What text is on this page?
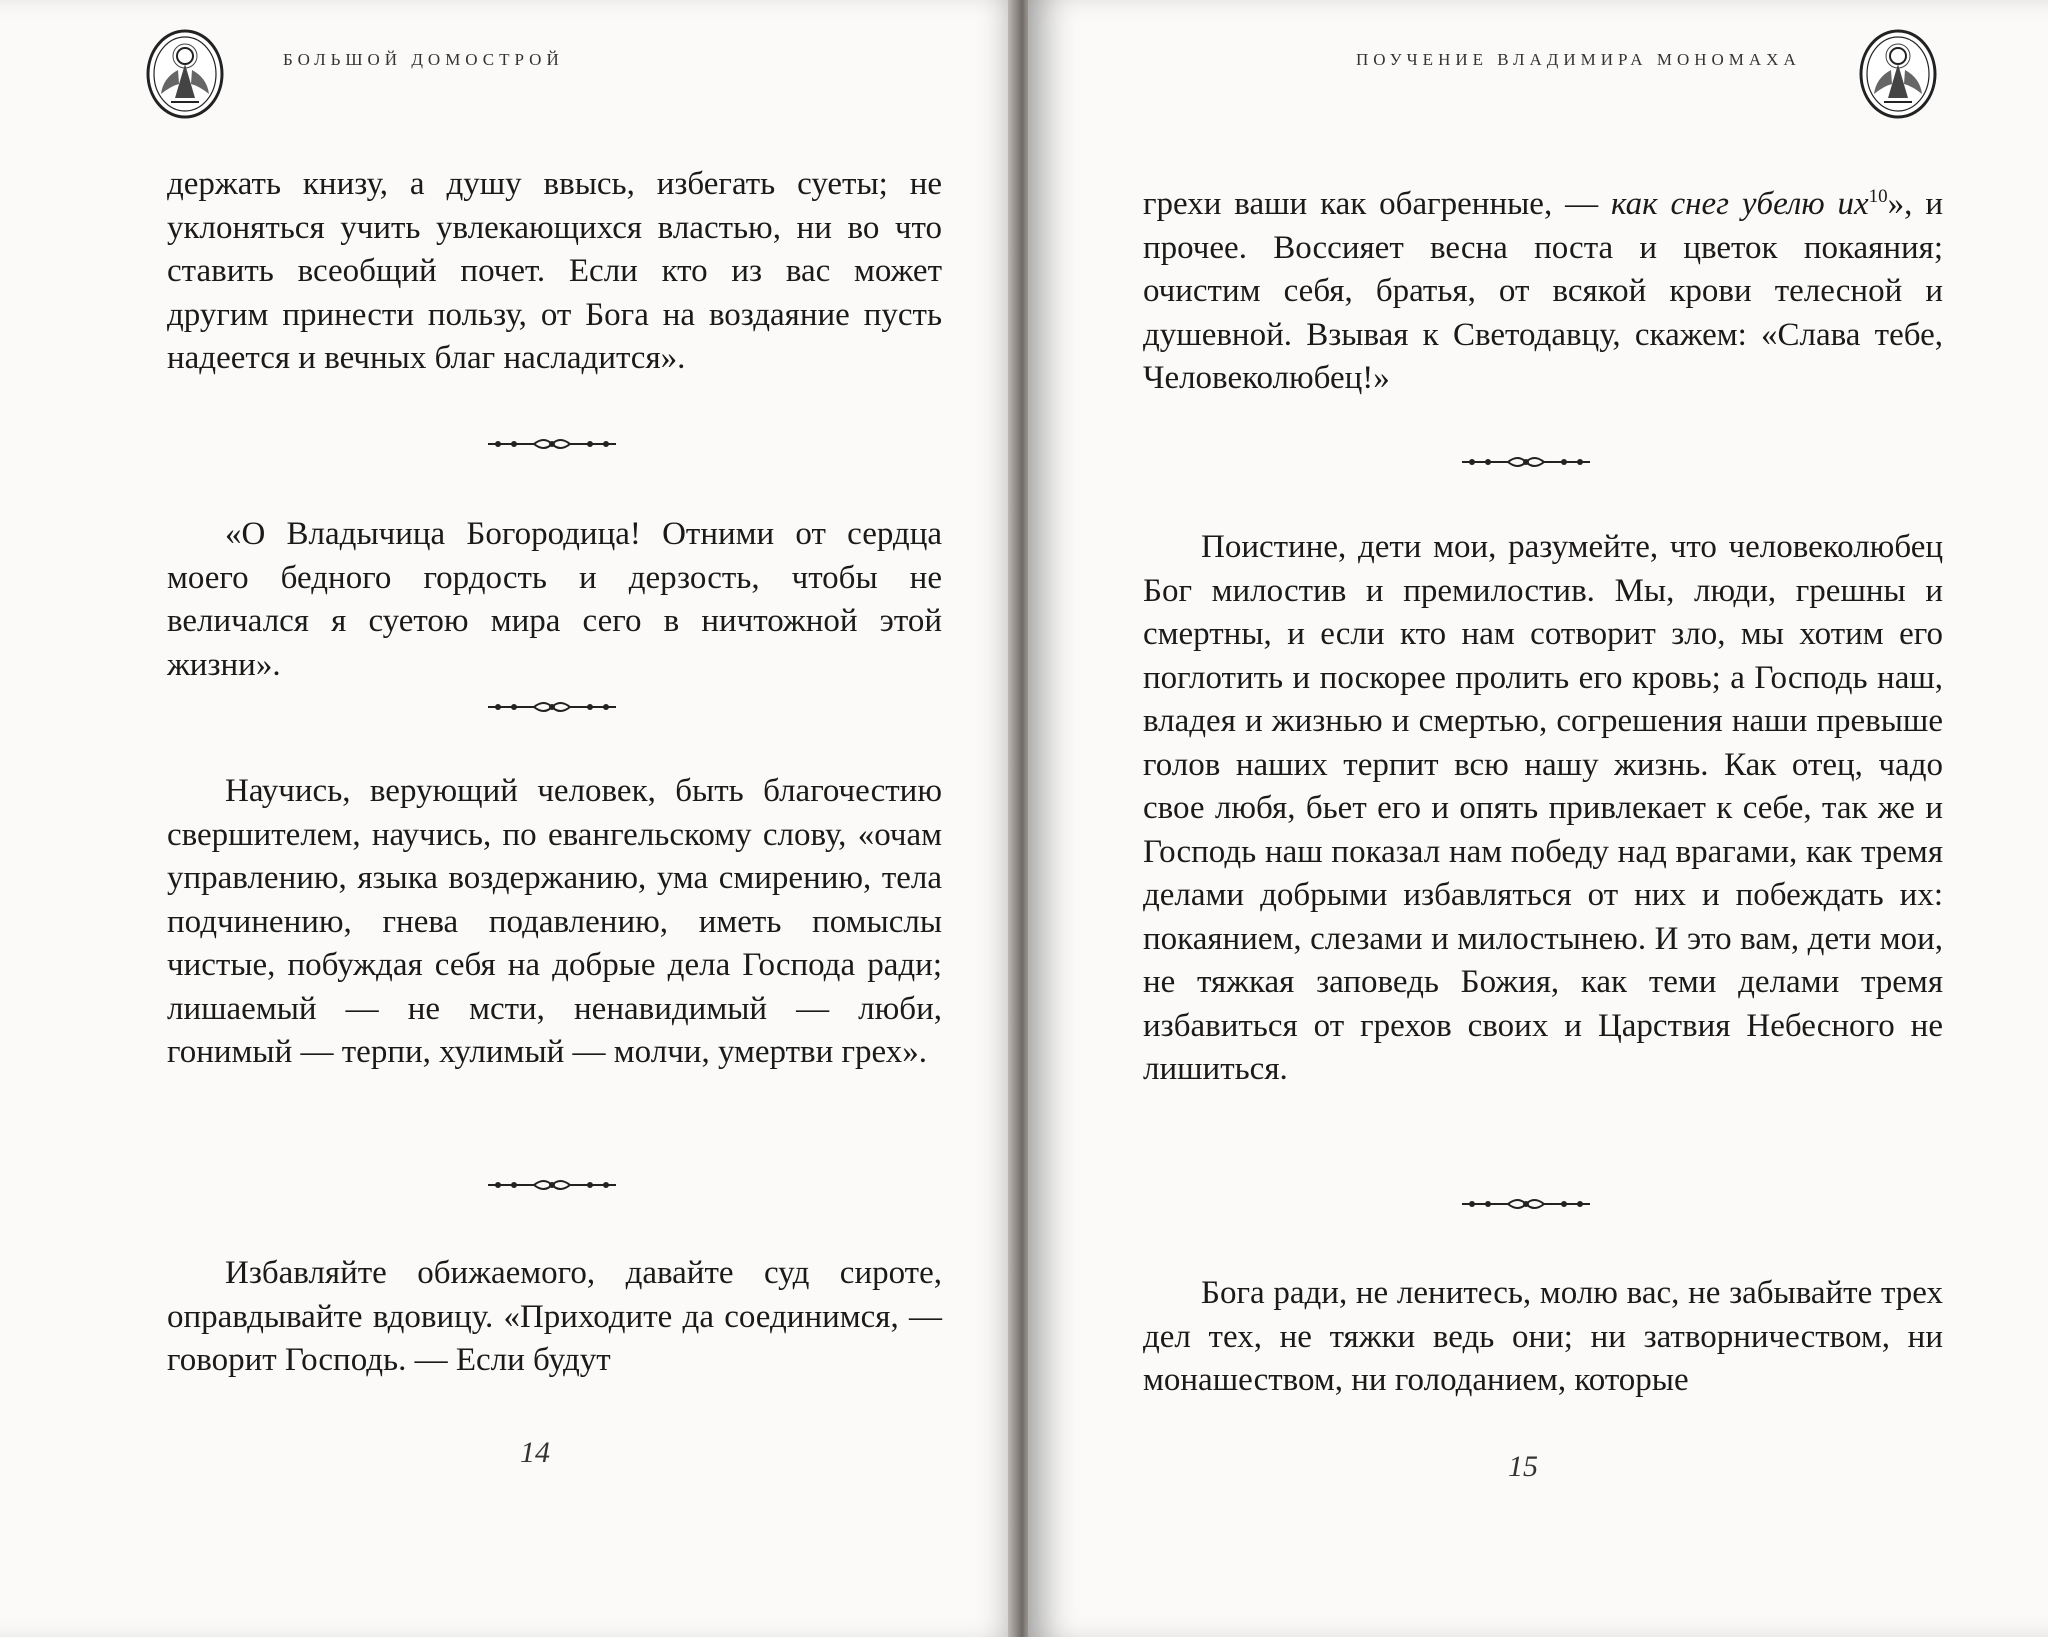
БОЛЬШОЙ ДОМОСТРОЙ

держать книзу, а душу ввысь, избегать суеты; не уклоняться учить увлекающихся властью, ни во что ставить всеобщий почет. Если кто из вас может другим принести пользу, от Бога на воздаяние пусть надеется и вечных благ насладится».

«О Владычица Богородица! Отними от сердца моего бедного гордость и дерзость, чтобы не величался я суетою мира сего в ничтожной этой жизни».

Научись, верующий человек, быть благочестию свершителем, научись, по евангельскому слову, «очам управлению, языка воздержанию, ума смирению, тела подчинению, гнева подавлению, иметь помыслы чистые, побуждая себя на добрые дела Господа ради; лишаемый — не мсти, ненавидимый — люби, гонимый — терпи, хулимый — молчи, умертви грех».

Избавляйте обижаемого, давайте суд сироте, оправдывайте вдовицу. «Приходите да соединимся, — говорит Господь. — Если будут

14
ПОУЧЕНИЕ ВЛАДИМИРА МОНОМАХА

грехи ваши как обагренные, — как снег убелю $их^{10}$», и прочее. Воссияет весна поста и цветок покаяния; очистим себя, братья, от всякой крови телесной и душевной. Взывая к Светодавцу, скажем: «Слава тебе, Человеколюбец!»

Поистине, дети мои, разумейте, что человеколюбец Бог милостив и премилостив. Мы, люди, грешны и смертны, и если кто нам сотворит зло, мы хотим его поглотить и поскорее пролить его кровь; а Господь наш, владея и жизнью и смертью, согрешения наши превыше голов наших терпит всю нашу жизнь. Как отец, чадо свое любя, бьет его и опять привлекает к себе, так же и Господь наш показал нам победу над врагами, как тремя делами добрыми избавляться от них и побеждать их: покаянием, слезами и милостынею. И это вам, дети мои, не тяжкая заповедь Божия, как теми делами тремя избавиться от грехов своих и Царствия Небесного не лишиться.

Бога ради, не ленитесь, молю вас, не забывайте трех дел тех, не тяжки ведь они; ни затворничеством, ни монашеством, ни голоданием, которые

15
